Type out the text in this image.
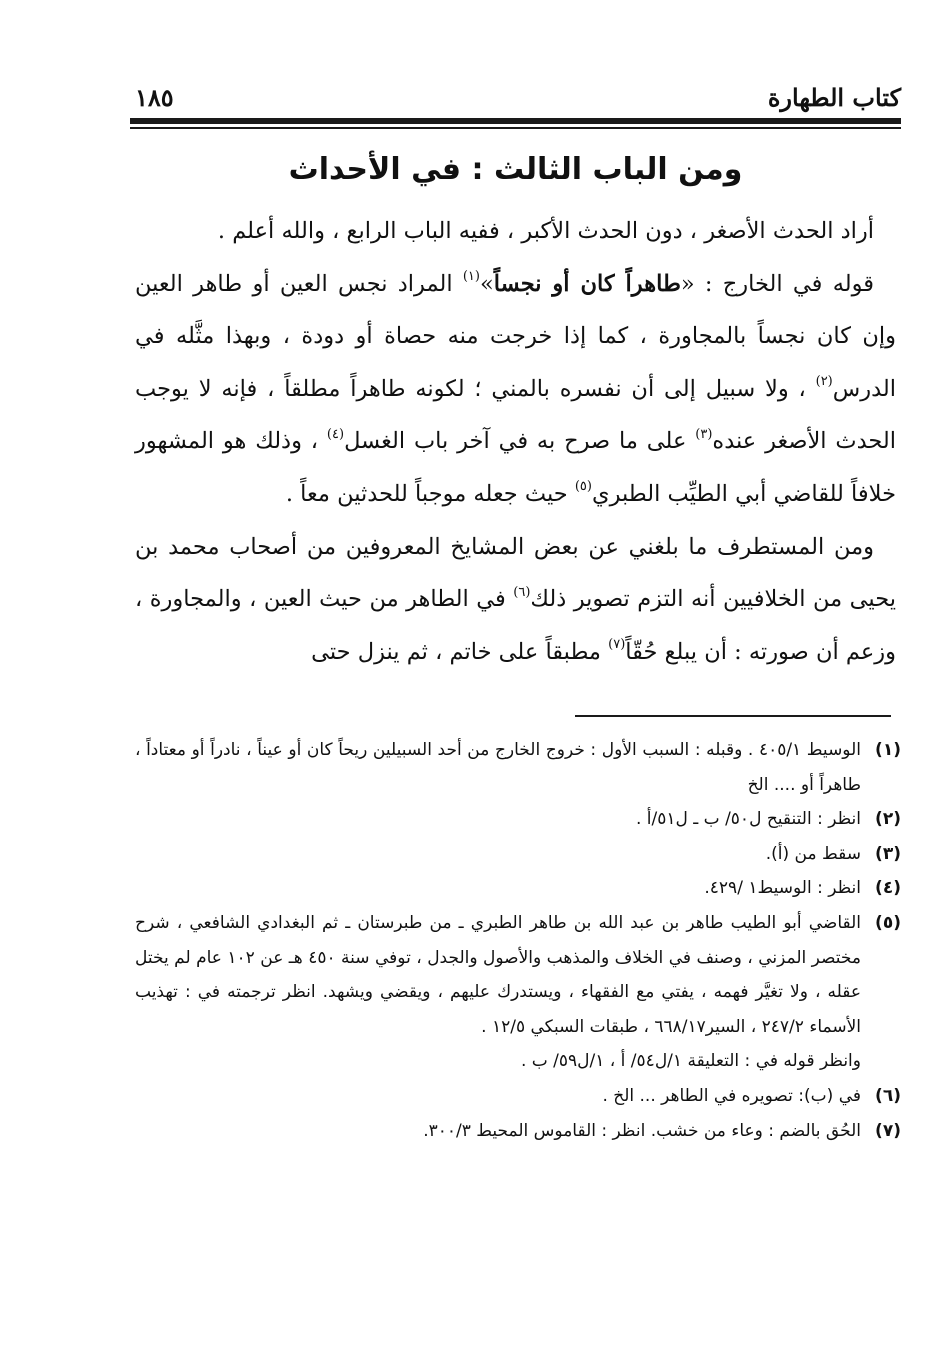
كتاب الطهارة
١٨٥
ومن الباب الثالث : في الأحداث

أراد الحدث الأصغر ، دون الحدث الأكبر ، ففيه الباب الرابع ، والله أعلم .

قوله في الخارج : «طاهراً كان أو نجساً»$^{(١)}$ المراد نجس العين أو طاهر العين وإن كان نجساً بالمجاورة ، كما إذا خرجت منه حصاة أو دودة ، وبهذا مثَّله في الدرس$^{(٢)}$ ، ولا سبيل إلى أن نفسره بالمني ؛ لكونه طاهراً مطلقاً ، فإنه لا يوجب الحدث الأصغر عنده$^{(٣)}$ على ما صرح به في آخر باب الغسل$^{(٤)}$ ، وذلك هو المشهور خلافاً للقاضي أبي الطيِّب الطبري$^{(٥)}$ حيث جعله موجباً للحدثين معاً .

ومن المستطرف ما بلغني عن بعض المشايخ المعروفين من أصحاب محمد بن يحيى من الخلافيين أنه التزم تصوير ذلك$^{(٦)}$ في الطاهر من حيث العين ، والمجاورة ، وزعم أن صورته : أن يبلع حُقّاً$^{(٧)}$ مطبقاً على خاتم ، ثم ينزل حتى

(١)الوسيط ٤٠٥/١ . وقبله : السبب الأول : خروج الخارج من أحد السبيلين ريحاً كان أو عيناً ، نادراً أو معتاداً ، طاهراً أو .... الخ

(٢)انظر : التنقيح ل٥٠/ ب ـ ل٥١/أ .

(٣)سقط من (أ).

(٤)انظر : الوسيط١ /٤٢٩.

(٥)القاضي أبو الطيب طاهر بن عبد الله بن طاهر الطبري ـ من طبرستان ـ ثم البغدادي الشافعي ، شرح مختصر المزني ، وصنف في الخلاف والمذهب والأصول والجدل ، توفي سنة ٤٥٠ هـ عن ١٠٢ عام لم يختل عقله ، ولا تغيَّر فهمه ، يفتي مع الفقهاء ، ويستدرك عليهم ، ويقضي ويشهد. انظر ترجمته في : تهذيب الأسماء ٢٤٧/٢ ، السير٦٦٨/١٧ ، طبقات السبكي ١٢/٥ .

وانظر قوله في : التعليقة ١/ل٥٤/ أ ، ١/ل٥٩/ ب .

(٦)في (ب): تصويره في الطاهر ... الخ .

(٧)الحُق بالضم : وعاء من خشب. انظر : القاموس المحيط ٣٠٠/٣.
